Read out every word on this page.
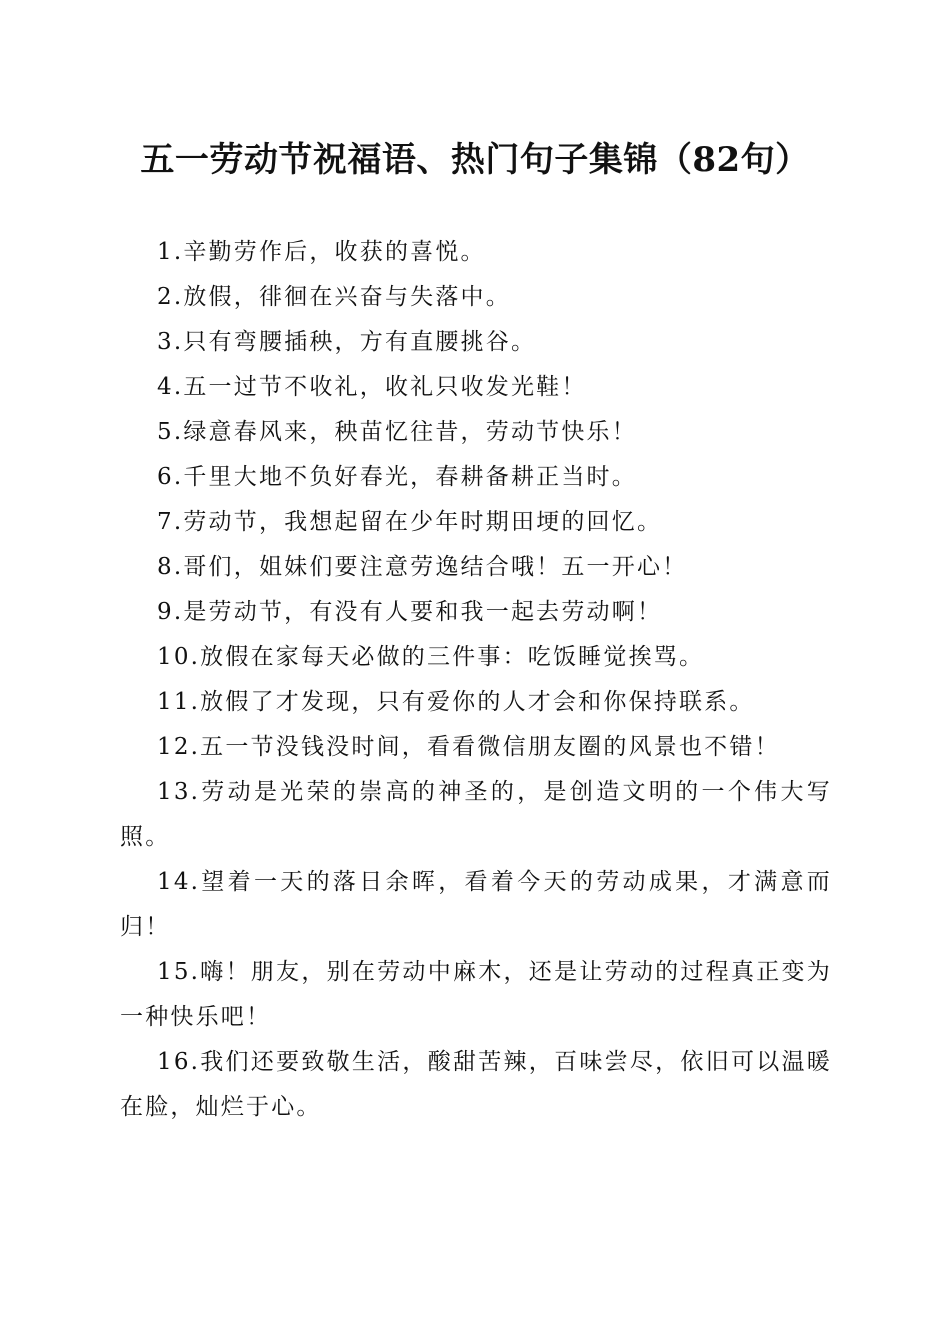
五一劳动节祝福语、热门句子集锦（82句）

1.辛勤劳作后，收获的喜悦。

2.放假，徘徊在兴奋与失落中。

3.只有弯腰插秧，方有直腰挑谷。

4.五一过节不收礼，收礼只收发光鞋！

5.绿意春风来，秧苗忆往昔，劳动节快乐！

6.千里大地不负好春光，春耕备耕正当时。

7.劳动节，我想起留在少年时期田埂的回忆。

8.哥们，姐妹们要注意劳逸结合哦！五一开心！

9.是劳动节，有没有人要和我一起去劳动啊！

10.放假在家每天必做的三件事：吃饭睡觉挨骂。

11.放假了才发现，只有爱你的人才会和你保持联系。

12.五一节没钱没时间，看看微信朋友圈的风景也不错！

13.劳动是光荣的崇高的神圣的，是创造文明的一个伟大写照。

14.望着一天的落日余晖，看着今天的劳动成果，才满意而归！

15.嗨！朋友，别在劳动中麻木，还是让劳动的过程真正变为一种快乐吧！

16.我们还要致敬生活，酸甜苦辣，百味尝尽，依旧可以温暖在脸，灿烂于心。
